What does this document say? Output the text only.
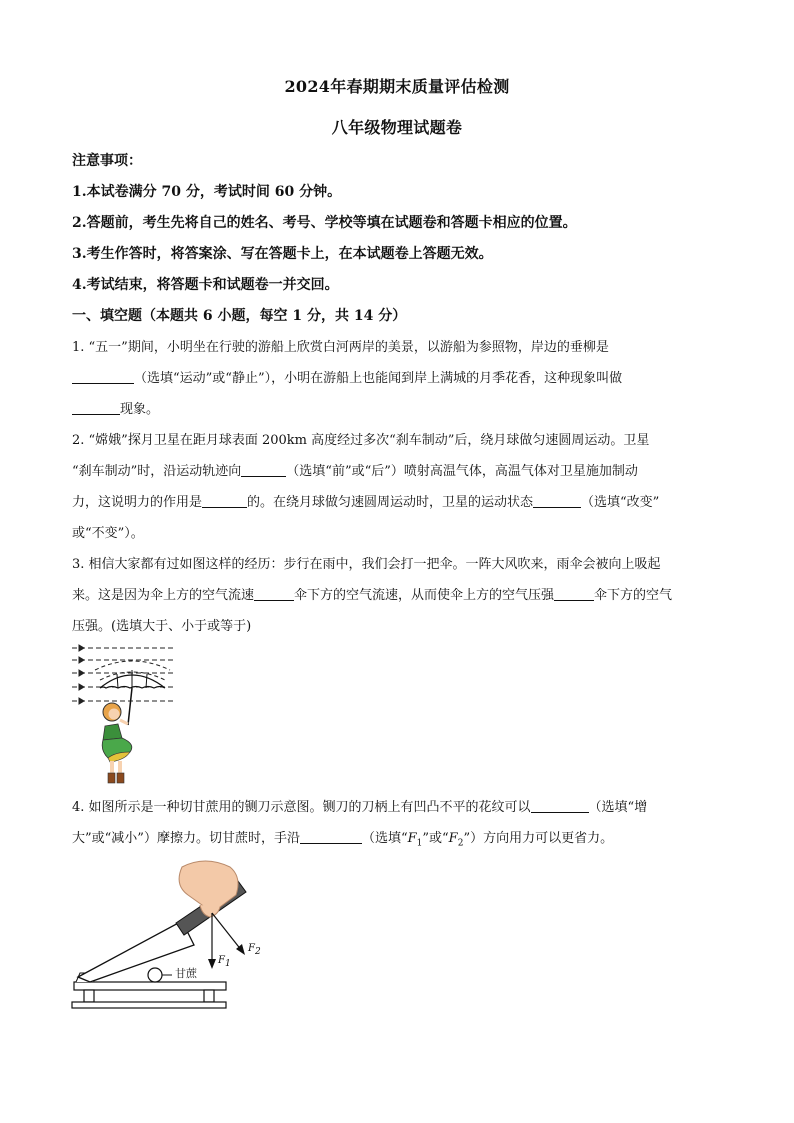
2024年春期期末质量评估检测
八年级物理试题卷
注意事项：
1.本试卷满分 70 分，考试时间 60 分钟。
2.答题前，考生先将自己的姓名、考号、学校等填在试题卷和答题卡相应的位置。
3.考生作答时，将答案涂、写在答题卡上，在本试题卷上答题无效。
4.考试结束，将答题卡和试题卷一并交回。
一、填空题（本题共 6 小题，每空 1 分，共 14 分）
1. “五一”期间，小明坐在行驶的游船上欣赏白河两岸的美景，以游船为参照物，岸边的垂柳是
（选填“运动”或“静止”），小明在游船上也能闻到岸上满城的月季花香，这种现象叫做
现象。
2. “嫦娥”探月卫星在距月球表面 200km 高度经过多次“刹车制动”后，绕月球做匀速圆周运动。卫星
“刹车制动”时，沿运动轨迹向	（选填“前”或“后”）喷射高温气体，高温气体对卫星施加制动
力，这说明力的作用是	的。在绕月球做匀速圆周运动时，卫星的运动状态	（选填“改变”
或“不变”）。
3. 相信大家都有过如图这样的经历：步行在雨中，我们会打一把伞。一阵大风吹来，雨伞会被向上吸起
来。这是因为伞上方的空气流速	伞下方的空气流速，从而使伞上方的空气压强	伞下方的空气
压强。(选填大于、小于或等于)
4. 如图所示是一种切甘蔗用的铡刀示意图。铡刀的刀柄上有凹凸不平的花纹可以	（选填“增
大”或“减小”）摩擦力。切甘蔗时，手沿	（选填“$F_1$”或“$F_2$”）方向用力可以更省力。
甘蔗
$F_1$
$F_2$
